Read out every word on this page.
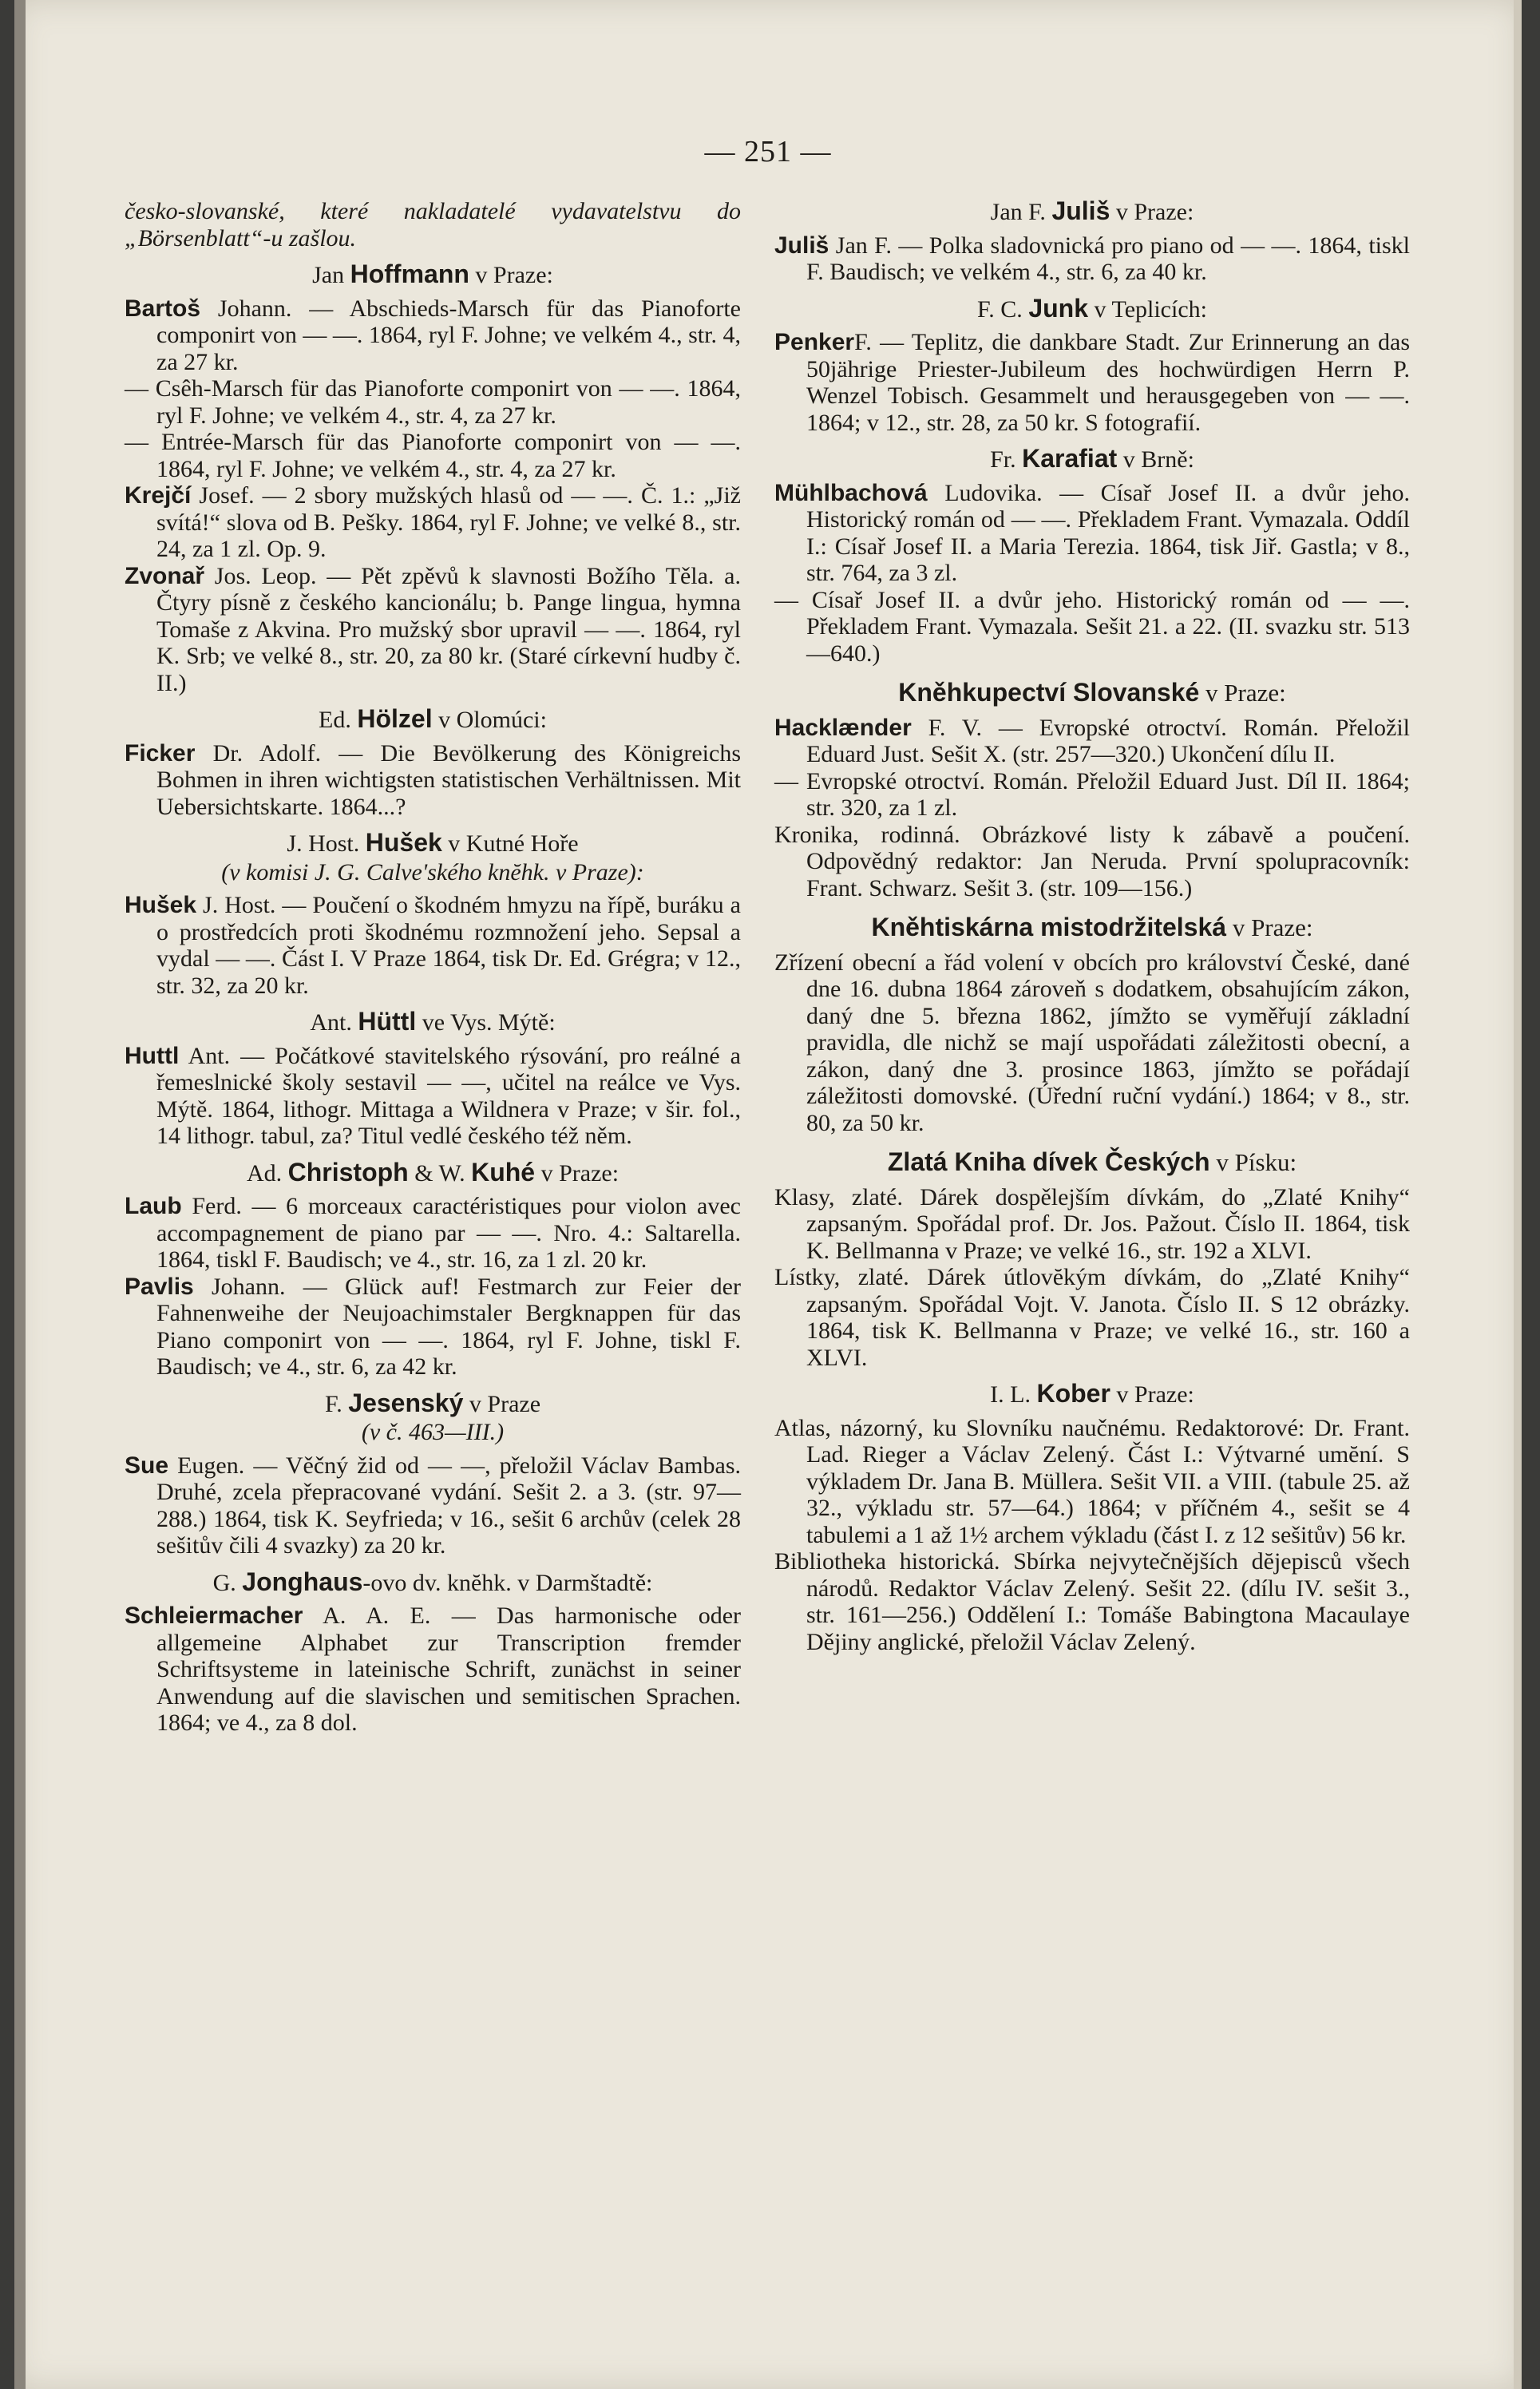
— 251 —

česko-slovanské, které nakladatelé vydavatelstvu do „Börsenblatt“-u zašlou.

Jan Hoffmann v Praze:

Bartoš Johann. — Abschieds-Marsch für das Pianoforte componirt von — —. 1864, ryl F. Johne; ve velkém 4., str. 4, za 27 kr.

— Csêh-Marsch für das Pianoforte componirt von — —. 1864, ryl F. Johne; ve velkém 4., str. 4, za 27 kr.

— Entrée-Marsch für das Pianoforte componirt von — —. 1864, ryl F. Johne; ve velkém 4., str. 4, za 27 kr.

Krejčí Josef. — 2 sbory mužských hlasů od — —. Č. 1.: „Již svítá!“ slova od B. Pešky. 1864, ryl F. Johne; ve velké 8., str. 24, za 1 zl. Op. 9.

Zvonař Jos. Leop. — Pět zpěvů k slavnosti Božího Těla. a. Čtyry písně z českého kancionálu; b. Pange lingua, hymna Tomaše z Akvina. Pro mužský sbor upravil — —. 1864, ryl K. Srb; ve velké 8., str. 20, za 80 kr. (Staré církevní hudby č. II.)

Ed. Hölzel v Olomúci:

Ficker Dr. Adolf. — Die Bevölkerung des Königreichs Bohmen in ihren wichtigsten statistischen Verhältnissen. Mit Uebersichtskarte. 1864...?

J. Host. Hušek v Kutné Hoře

(v komisi J. G. Calve'ského knĕhk. v Praze):

Hušek J. Host. — Poučení o škodném hmyzu na řípě, buráku a o prostředcích proti škodnému rozmnožení jeho. Sepsal a vydal — —. Část I. V Praze 1864, tisk Dr. Ed. Grégra; v 12., str. 32, za 20 kr.

Ant. Hüttl ve Vys. Mýtě:

Huttl Ant. — Počátkové stavitelského rýsování, pro reálné a řemeslnické školy sestavil — —, učitel na reálce ve Vys. Mýtě. 1864, lithogr. Mittaga a Wildnera v Praze; v šir. fol., 14 lithogr. tabul, za? Titul vedlé českého též něm.

Ad. Christoph & W. Kuhé v Praze:

Laub Ferd. — 6 morceaux caractéristiques pour violon avec accompagnement de piano par — —. Nro. 4.: Saltarella. 1864, tiskl F. Baudisch; ve 4., str. 16, za 1 zl. 20 kr.

Pavlis Johann. — Glück auf! Festmarch zur Feier der Fahnenweihe der Neujoachimstaler Bergknappen für das Piano componirt von — —. 1864, ryl F. Johne, tiskl F. Baudisch; ve 4., str. 6, za 42 kr.

F. Jesenský v Praze

(v č. 463—III.)

Sue Eugen. — Věčný žid od — —, přeložil Václav Bambas. Druhé, zcela přepracované vydání. Sešit 2. a 3. (str. 97—288.) 1864, tisk K. Seyfrieda; v 16., sešit 6 archův (celek 28 sešitův čili 4 svazky) za 20 kr.

G. Jonghaus-ovo dv. knĕhk. v Darmštadtě:

Schleiermacher A. A. E. — Das harmonische oder allgemeine Alphabet zur Transcription fremder Schriftsysteme in lateinische Schrift, zunächst in seiner Anwendung auf die slavischen und semitischen Sprachen. 1864; ve 4., za 8 dol.

Jan F. Jul͏iš v Praze:

Juliš Jan F. — Polka sladovnická pro piano od — —. 1864, tiskl F. Baudisch; ve velkém 4., str. 6, za 40 kr.

F. C. Junk v Teplicích:

PenkerF. — Teplitz, die dankbare Stadt. Zur Erinnerung an das 50jährige Priester-Jubileum des hochwürdigen Herrn P. Wenzel Tobisch. Gesammelt und herausgegeben von — —. 1864; v 12., str. 28, za 50 kr. S fotografií.

Fr. Karafiat v Brně:

Mühlbachová Ludovika. — Císař Josef II. a dvůr jeho. Historický román od — —. Překladem Frant. Vymazala. Oddíl I.: Císař Josef II. a Maria Terezia. 1864, tisk Jiř. Gastla; v 8., str. 764, za 3 zl.

— Císař Josef II. a dvůr jeho. Historický román od — —. Překladem Frant. Vymazala. Sešit 21. a 22. (II. svazku str. 513—640.)

Kněhkupectví Slovanské v Praze:

Hacklænder F. V. — Evropské otroctví. Román. Přeložil Eduard Just. Sešit X. (str. 257—320.) Ukončení dílu II.

— Evropské otroctví. Román. Přeložil Eduard Just. Díl II. 1864; str. 320, za 1 zl.

Kronika, rodinná. Obrázkové listy k zábavě a poučení. Odpovědný redaktor: Jan Neruda. První spolupracovník: Frant. Schwarz. Sešit 3. (str. 109—156.)

Kněhtiskárna mistodržitelská v Praze:

Zřízení obecní a řád volení v obcích pro království České, dané dne 16. dubna 1864 zároveň s dodatkem, obsahujícím zákon, daný dne 5. března 1862, jímžto se vyměřují základní pravidla, dle nichž se mají uspořádati záležitosti obecní, a zákon, daný dne 3. prosince 1863, jímžto se pořádají záležitosti domovské. (Úřední ruční vydání.) 1864; v 8., str. 80, za 50 kr.

Zlatá Kniha dívek Českých v Písku:

Klasy, zlaté. Dárek dospělejším dívkám, do „Zlaté Knihy“ zapsaným. Spořádal prof. Dr. Jos. Pažout. Číslo II. 1864, tisk K. Bellmanna v Praze; ve velké 16., str. 192 a XLVI.

Lístky, zlaté. Dárek útlovĕkým dívkám, do „Zlaté Knihy“ zapsaným. Spořádal Vojt. V. Janota. Číslo II. S 12 obrázky. 1864, tisk K. Bellmanna v Praze; ve velké 16., str. 160 a XLVI.

I. L. Kober v Praze:

Atlas, názorný, ku Slovníku naučnému. Redaktorové: Dr. Frant. Lad. Rieger a Václav Zelený. Část I.: Výtvarné umĕní. S výkladem Dr. Jana B. Müllera. Sešit VII. a VIII. (tabule 25. až 32., výkladu str. 57—64.) 1864; v příčném 4., sešit se 4 tabulemi a 1 až 1½ archem výkladu (část I. z 12 sešitův) 56 kr.

Bibliotheka historická. Sbírka nejvytečnějších dĕjepisců všech národů. Redaktor Václav Zelený. Sešit 22. (dílu IV. sešit 3., str. 161—256.) Oddělení I.: Tomáše Babingtona Macaulaye Dějiny anglické, přeložil Václav Zelený.
